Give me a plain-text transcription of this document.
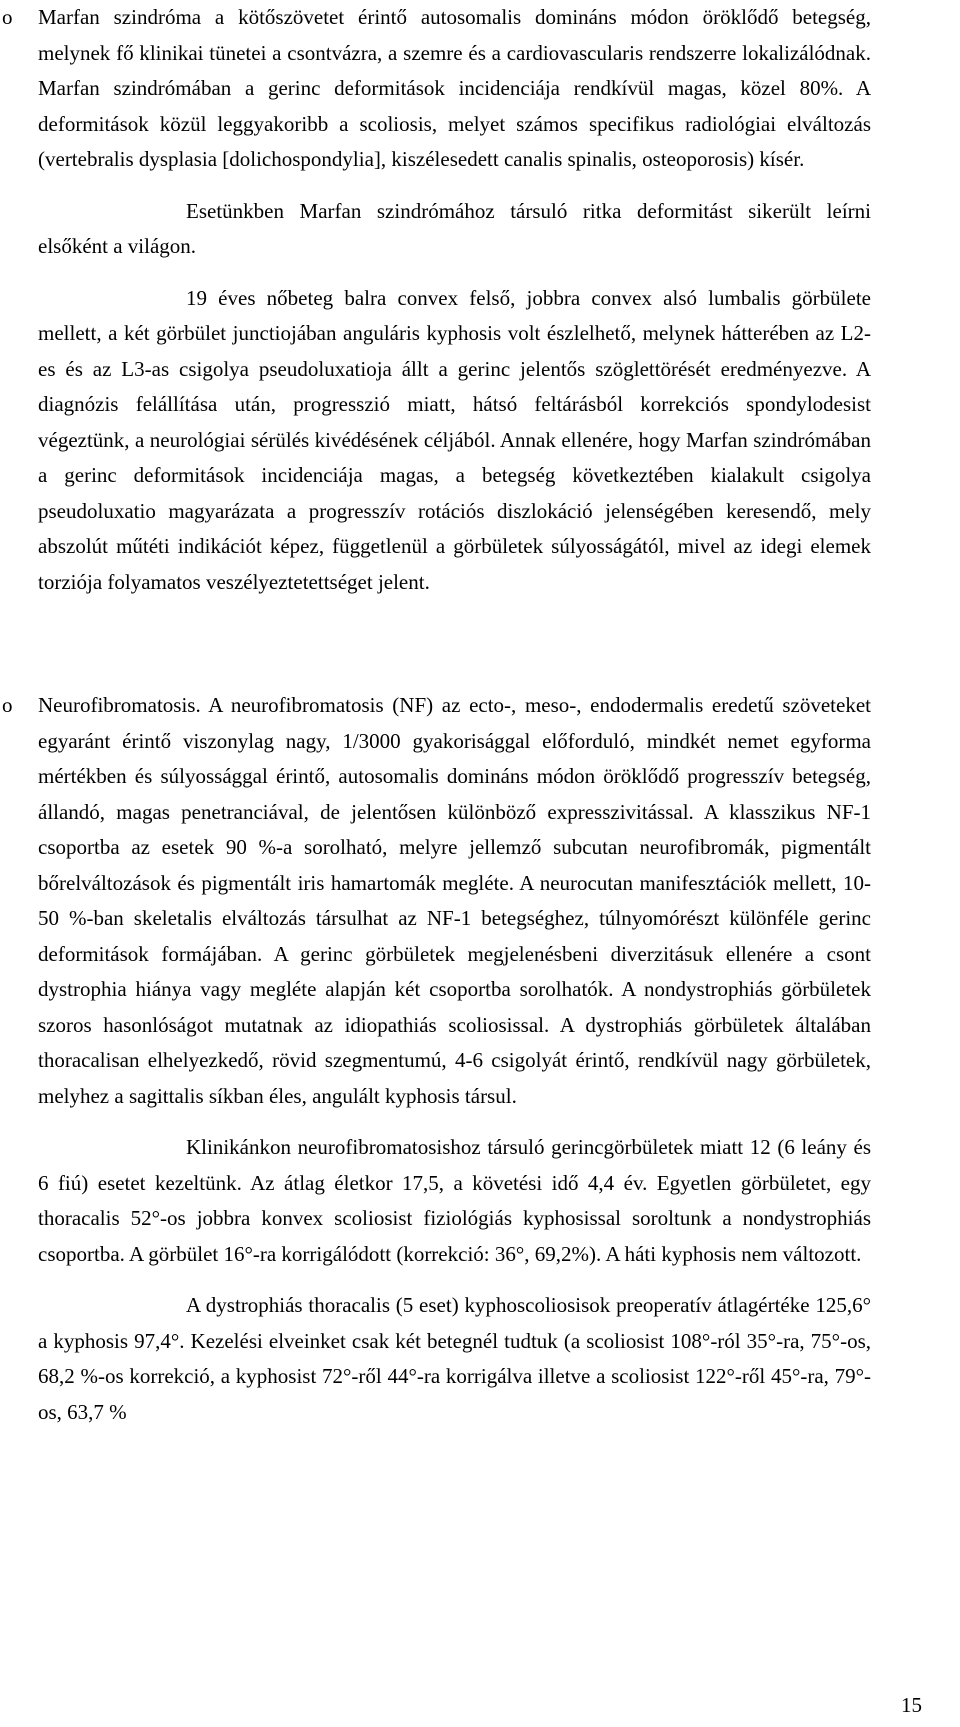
o Marfan szindróma a kötőszövetet érintő autosomalis domináns módon öröklődő betegség, melynek fő klinikai tünetei a csontvázra, a szemre és a cardiovascularis rendszerre lokalizálódnak. Marfan szindrómában a gerinc deformitások incidenciája rendkívül magas, közel 80%. A deformitások közül leggyakoribb a scoliosis, melyet számos specifikus radiológiai elváltozás (vertebralis dysplasia [dolichospondylia], kiszélesedett canalis spinalis, osteoporosis) kísér.

Esetünkben Marfan szindrómához társuló ritka deformitást sikerült leírni elsőként a világon.

19 éves nőbeteg balra convex felső, jobbra convex alsó lumbalis görbülete mellett, a két görbület junctiojában anguláris kyphosis volt észlelhető, melynek hátterében az L2-es és az L3-as csigolya pseudoluxatioja állt a gerinc jelentős szöglettörését eredményezve. A diagnózis felállítása után, progresszió miatt, hátsó feltárásból korrekciós spondylodesist végeztünk, a neurológiai sérülés kivédésének céljából. Annak ellenére, hogy Marfan szindrómában a gerinc deformitások incidenciája magas, a betegség következtében kialakult csigolya pseudoluxatio magyarázata a progresszív rotációs diszlokáció jelenségében keresendő, mely abszolút műtéti indikációt képez, függetlenül a görbületek súlyosságától, mivel az idegi elemek torziója folyamatos veszélyeztetettséget jelent.

o Neurofibromatosis. A neurofibromatosis (NF) az ecto-, meso-, endodermalis eredetű szöveteket egyaránt érintő viszonylag nagy, 1/3000 gyakorisággal előforduló, mindkét nemet egyforma mértékben és súlyossággal érintő, autosomalis domináns módon öröklődő progresszív betegség, állandó, magas penetranciával, de jelentősen különböző expresszivitással. A klasszikus NF-1 csoportba az esetek 90 %-a sorolható, melyre jellemző subcutan neurofibromák, pigmentált bőrelváltozások és pigmentált iris hamartomák megléte. A neurocutan manifesztációk mellett, 10-50 %-ban skeletalis elváltozás társulhat az NF-1 betegséghez, túlnyomórészt különféle gerinc deformitások formájában. A gerinc görbületek megjelenésbeni diverzitásuk ellenére a csont dystrophia hiánya vagy megléte alapján két csoportba sorolhatók. A nondystrophiás görbületek szoros hasonlóságot mutatnak az idiopathiás scoliosissal. A dystrophiás görbületek általában thoracalisan elhelyezkedő, rövid szegmentumú, 4-6 csigolyát érintő, rendkívül nagy görbületek, melyhez a sagittalis síkban éles, angulált kyphosis társul.

Klinikánkon neurofibromatosishoz társuló gerincgörbületek miatt 12 (6 leány és 6 fiú) esetet kezeltünk. Az átlag életkor 17,5, a követési idő 4,4 év. Egyetlen görbületet, egy thoracalis 52°-os jobbra konvex scoliosist fiziológiás kyphosissal soroltunk a nondystrophiás csoportba. A görbület 16°-ra korrigálódott (korrekció: 36°, 69,2%). A háti kyphosis nem változott.

A dystrophiás thoracalis (5 eset) kyphoscoliosisok preoperatív átlagértéke 125,6° a kyphosis 97,4°. Kezelési elveinket csak két betegnél tudtuk (a scoliosist 108°-ról 35°-ra, 75°-os, 68,2 %-os korrekció, a kyphosist 72°-ről 44°-ra korrigálva illetve a scoliosist 122°-ről 45°-ra, 79°-os, 63,7 %

15
